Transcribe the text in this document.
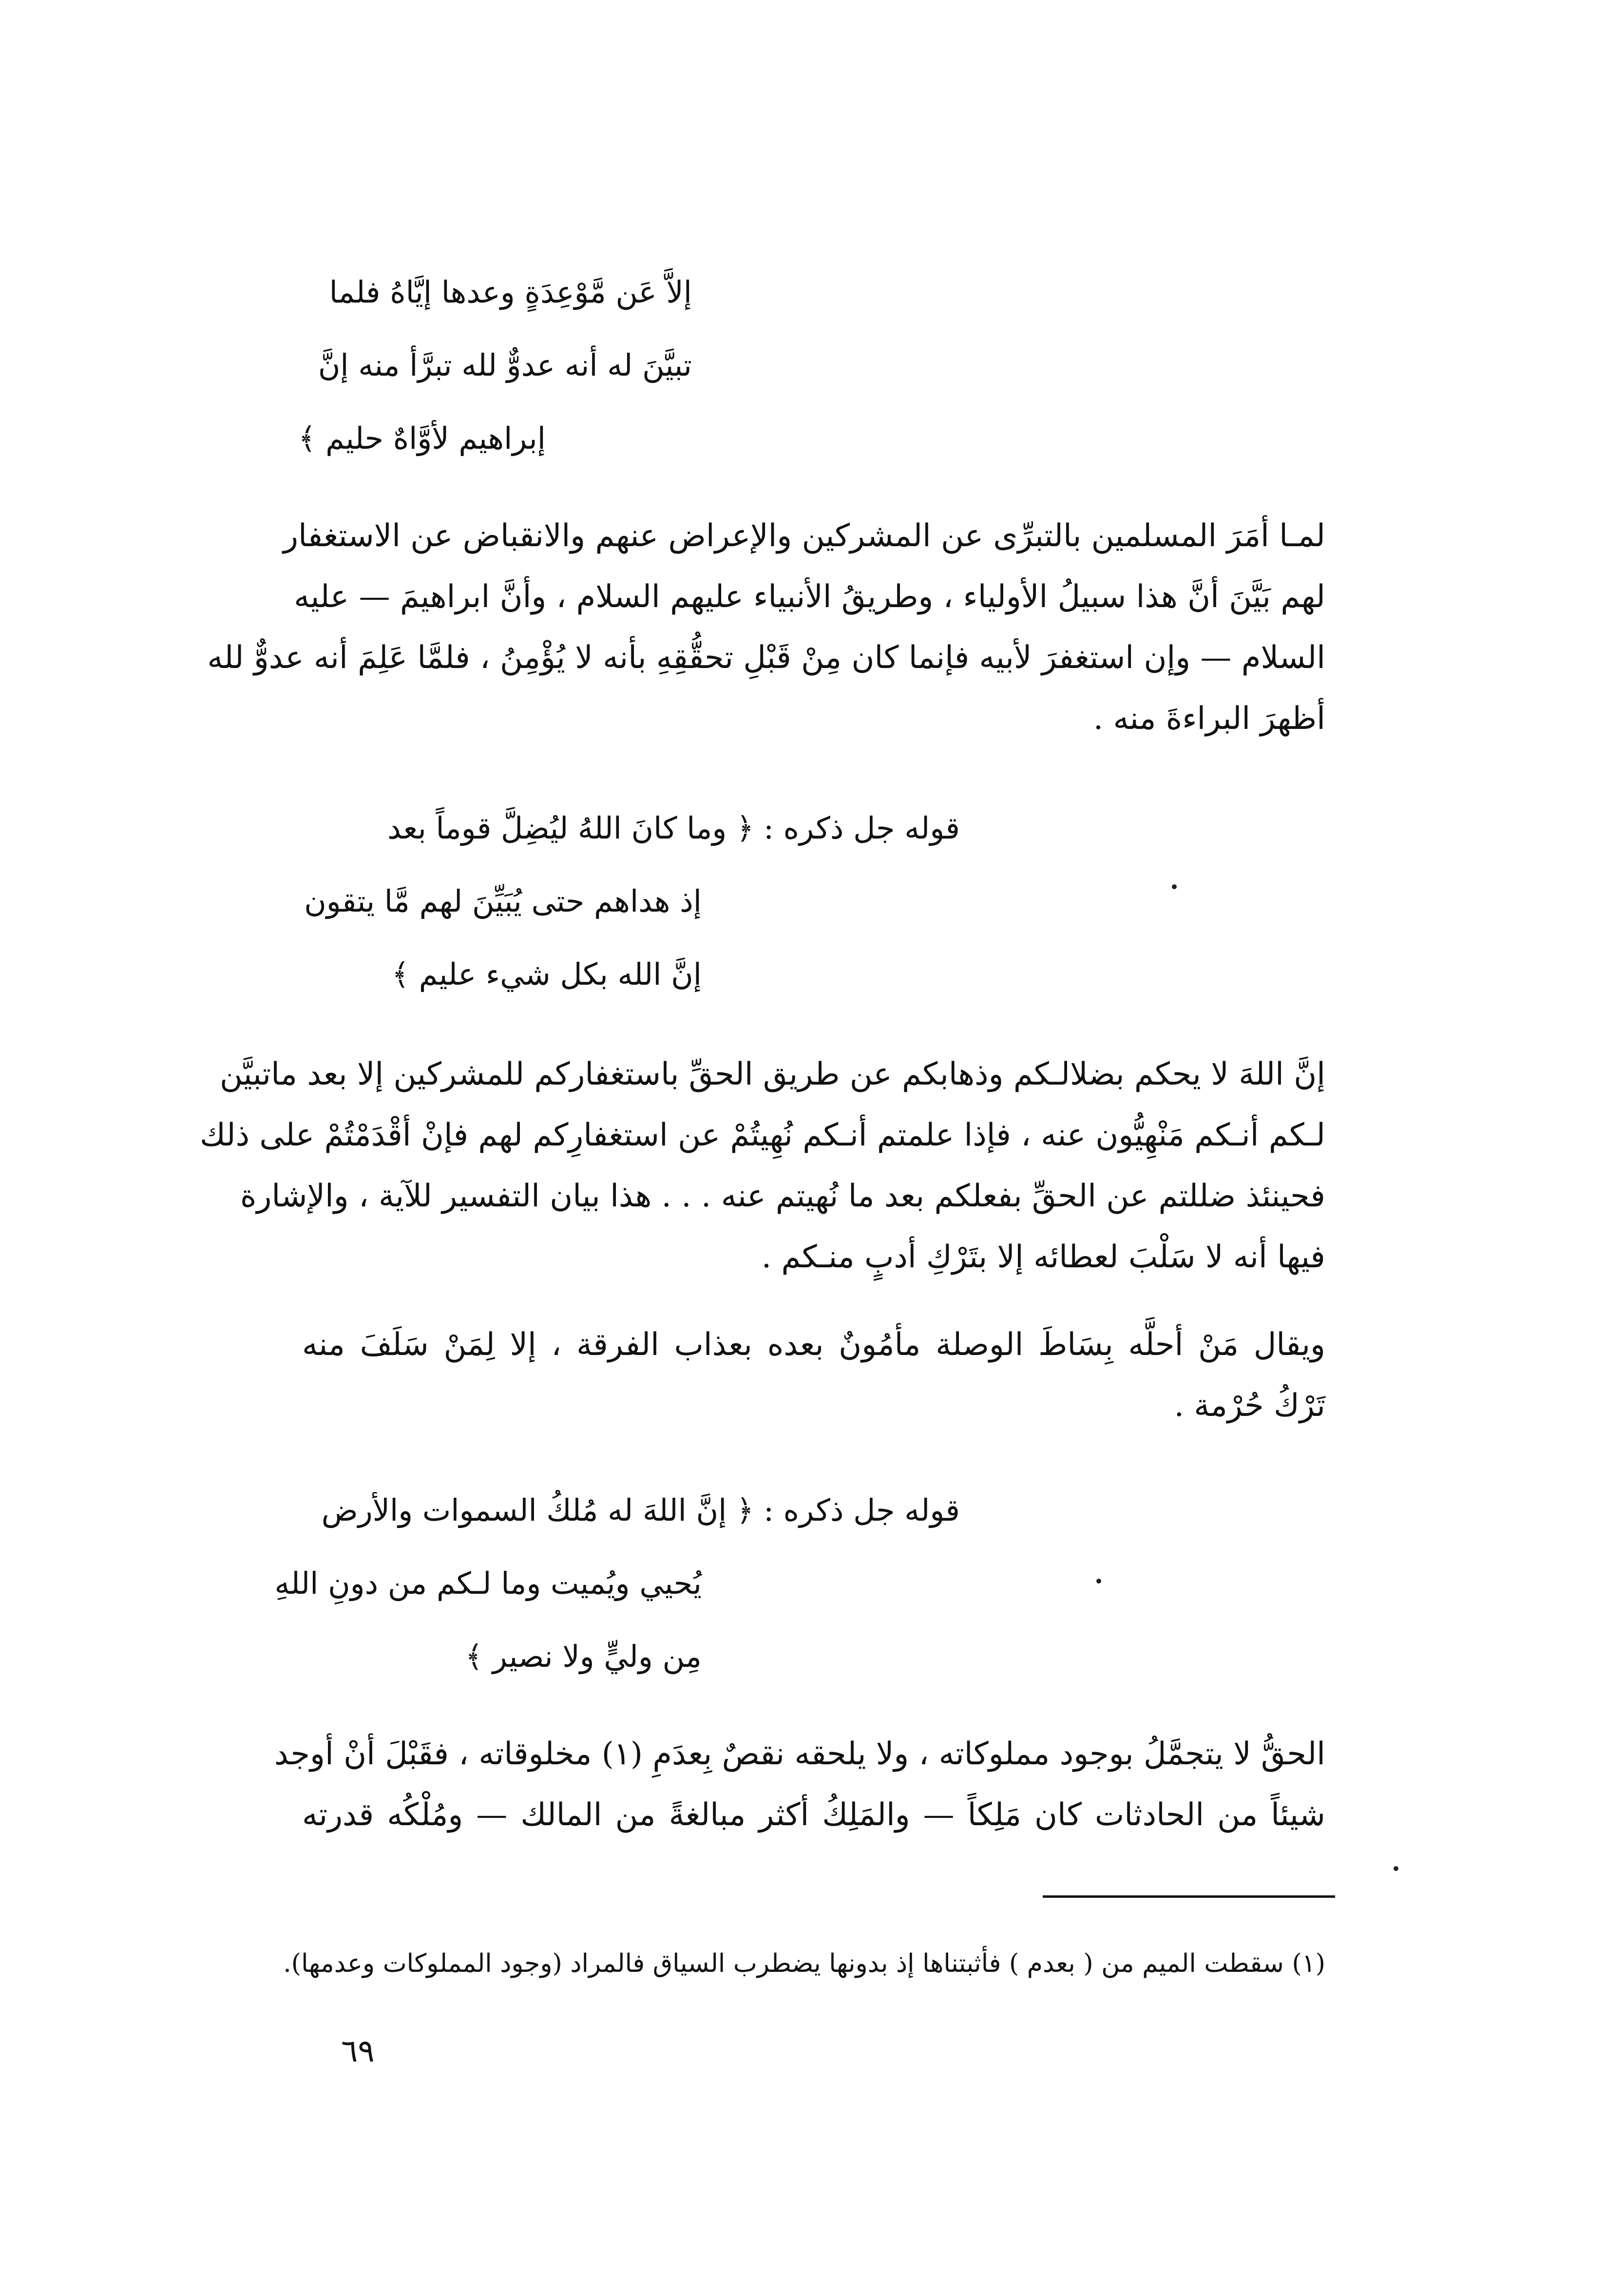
إلاَّ عَن مَّوْعِدَةٍ وعدها إيَّاهُ فلما
تبيَّنَ له أنه عدوٌّ لله تبرَّأ منه إنَّ
إبراهيم لأوَّاهٌ حليم ﴾
لمـا أمَرَ المسلمين بالتبرِّى عن المشركين والإعراض عنهم والانقباض عن الاستغفار
لهم بَيَّنَ أنَّ هذا سبيلُ الأولياء ، وطريقُ الأنبياء عليهم السلام ، وأنَّ ابراهيمَ — عليه
السلام — وإن استغفرَ لأبيه فإنما كان مِنْ قَبْلِ تحقُّقِهِ بأنه لا يُؤْمِنُ ، فلمَّا عَلِمَ أنه عدوٌّ لله
أظهرَ البراءةَ منه .
قوله جل ذكره : ﴿ وما كانَ اللهُ ليُضِلَّ قوماً بعد
إذ هداهم حتى يُبَيِّنَ لهم مَّا يتقون
إنَّ الله بكل شيء عليم ﴾
إنَّ اللهَ لا يحكم بضلالـكم وذهابكم عن طريق الحقِّ باستغفاركم للمشركين إلا بعد ماتبيَّن
لـكم أنـكم مَنْهِيُّون عنه ، فإذا علمتم أنـكم نُهِيتُمْ عن استغفارِكم لهم فإنْ أقْدَمْتُمْ على ذلك
فحينئذ ضللتم عن الحقِّ بفعلكم بعد ما نُهيتم عنه . . . هذا بيان التفسير للآية ، والإشارة
فيها أنه لا سَلْبَ لعطائه إلا بتَرْكِ أدبٍ منـكم .
ويقال مَنْ أحلَّه بِسَاطَ الوصلة مأمُونٌ بعده بعذاب الفرقة ، إلا لِمَنْ سَلَفَ منه
تَرْكُ حُرْمة .
قوله جل ذكره : ﴿ إنَّ اللهَ له مُلكُ السموات والأرض
يُحيي ويُميت وما لـكم من دونِ اللهِ
مِن وليٍّ ولا نصير ﴾
الحقُّ لا يتجمَّلُ بوجود مملوكاته ، ولا يلحقه نقصٌ بِعدَمِ (١) مخلوقاته ، فقَبْلَ أنْ أوجد
شيئاً من الحادثات كان مَلِكاً — والمَلِكُ أكثر مبالغةً من المالك — ومُلْكُه قدرته
(١) سقطت الميم من ( بعدم ) فأثبتناها إذ بدونها يضطرب السياق فالمراد (وجود المملوكات وعدمها).
٦٩
